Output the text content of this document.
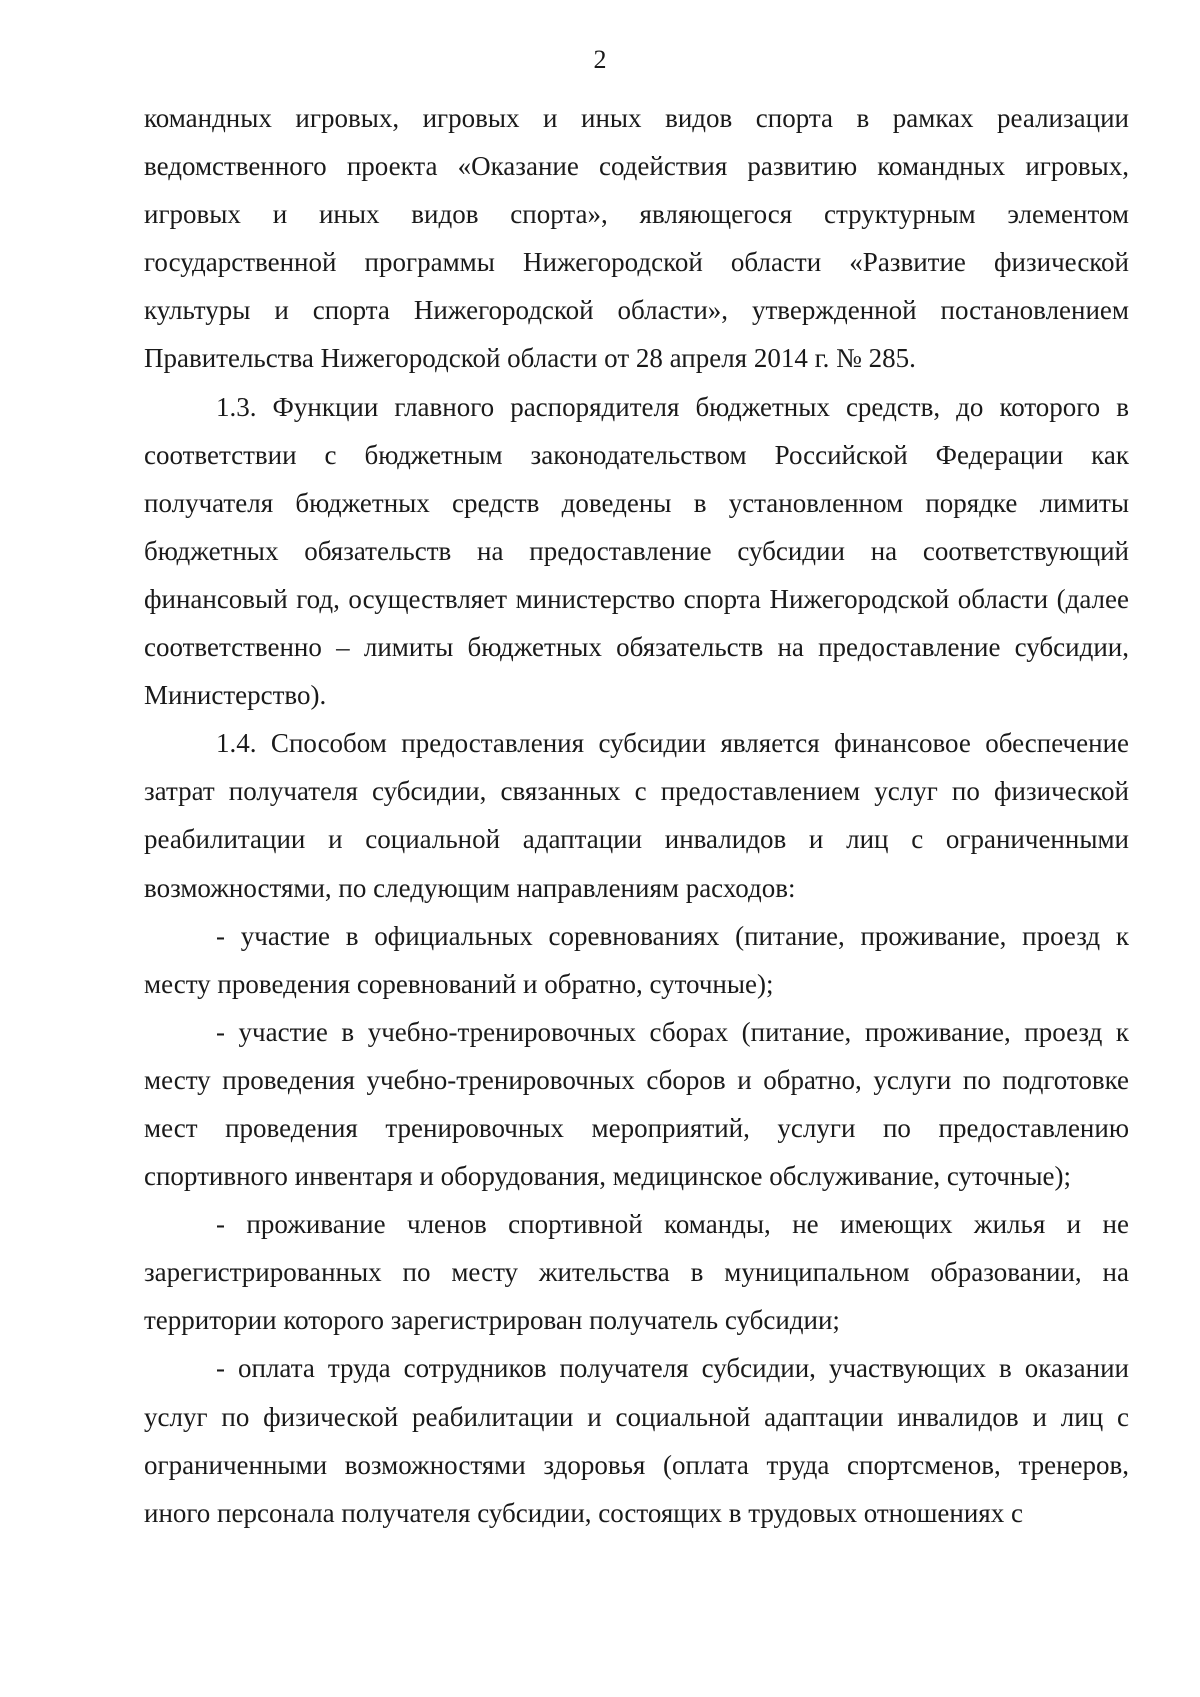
2

командных игровых, игровых и иных видов спорта в рамках реализации ведомственного проекта «Оказание содействия развитию командных игровых, игровых и иных видов спорта», являющегося структурным элементом государственной программы Нижегородской области «Развитие физической культуры и спорта Нижегородской области», утвержденной постановлением Правительства Нижегородской области от 28 апреля 2014 г. № 285.

1.3. Функции главного распорядителя бюджетных средств, до которого в соответствии с бюджетным законодательством Российской Федерации как получателя бюджетных средств доведены в установленном порядке лимиты бюджетных обязательств на предоставление субсидии на соответствующий финансовый год, осуществляет министерство спорта Нижегородской области (далее соответственно – лимиты бюджетных обязательств на предоставление субсидии, Министерство).

1.4. Способом предоставления субсидии является финансовое обеспечение затрат получателя субсидии, связанных с предоставлением услуг по физической реабилитации и социальной адаптации инвалидов и лиц с ограниченными возможностями, по следующим направлениям расходов:

- участие в официальных соревнованиях (питание, проживание, проезд к месту проведения соревнований и обратно, суточные);

- участие в учебно-тренировочных сборах (питание, проживание, проезд к месту проведения учебно-тренировочных сборов и обратно, услуги по подготовке мест проведения тренировочных мероприятий, услуги по предоставлению спортивного инвентаря и оборудования, медицинское обслуживание, суточные);

- проживание членов спортивной команды, не имеющих жилья и не зарегистрированных по месту жительства в муниципальном образовании, на территории которого зарегистрирован получатель субсидии;

- оплата труда сотрудников получателя субсидии, участвующих в оказании услуг по физической реабилитации и социальной адаптации инвалидов и лиц с ограниченными возможностями здоровья (оплата труда спортсменов, тренеров, иного персонала получателя субсидии, состоящих в трудовых отношениях с
